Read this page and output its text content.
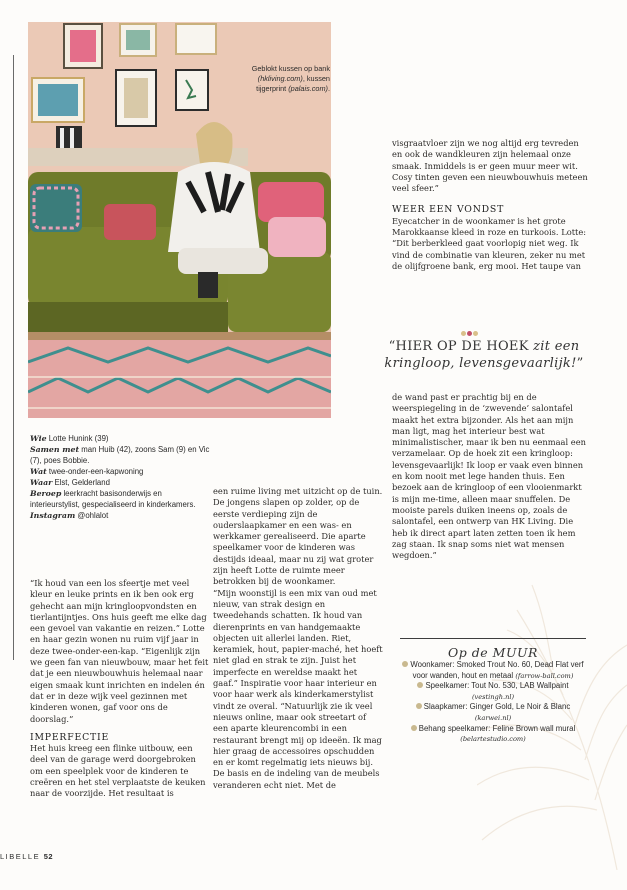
Geblokt kussen op bank (hkliving.com), kussen tijgerprint (palais.com).
Wie Lotte Hunink (39)
Samen met man Huib (42), zoons Sam (9) en Vic (7), poes Bobbie.
Wat twee-onder-een-kapwoning
Waar Elst, Gelderland
Beroep leerkracht basisonderwijs en interieurstylist, gespecialiseerd in kinderkamers.
Instagram @ohlalot

“Ik houd van een los sfeertje met veel kleur en leuke prints en ik ben ook erg gehecht aan mijn kringloopvondsten en tierlantijntjes. Ons huis geeft me elke dag een gevoel van vakantie en reizen.” Lotte en haar gezin wonen nu ruim vijf jaar in deze twee-onder-een-kap. “Eigenlijk zijn we geen fan van nieuwbouw, maar het feit dat je een nieuwbouwhuis helemaal naar eigen smaak kunt inrichten en indelen én dat er in deze wijk veel gezinnen met kinderen wonen, gaf voor ons de doorslag.”

IMPERFECTIE

Het huis kreeg een flinke uitbouw, een deel van de garage werd doorgebroken om een speelplek voor de kinderen te creëren en het stel verplaatste de keuken naar de voorzijde. Het resultaat is

een ruime living met uitzicht op de tuin. De jongens slapen op zolder, op de eerste verdieping zijn de ouderslaapkamer en een was- en werkkamer gerealiseerd. Die aparte speelkamer voor de kinderen was destijds ideaal, maar nu zij wat groter zijn heeft Lotte de ruimte meer betrokken bij de woonkamer.

“Mijn woonstijl is een mix van oud met nieuw, van strak design en tweedehands schatten. Ik houd van dierenprints en van handgemaakte objecten uit allerlei landen. Riet, keramiek, hout, papier-maché, het hoeft niet glad en strak te zijn. Juist het imperfecte en wereldse maakt het gaaf.” Inspiratie voor haar interieur en voor haar werk als kinderkamerstylist vindt ze overal. “Natuurlijk zie ik veel nieuws online, maar ook streetart of een aparte kleurencombi in een restaurant brengt mij op ideeën. Ik mag hier graag de accessoires opschudden en er komt regelmatig iets nieuws bij. De basis en de indeling van de meubels veranderen echt niet. Met de

visgraatvloer zijn we nog altijd erg tevreden en ook de wandkleuren zijn helemaal onze smaak. Inmiddels is er geen muur meer wit. Cosy tinten geven een nieuwbouwhuis meteen veel sfeer.”

WEER EEN VONDST

Eyecatcher in de woonkamer is het grote Marokkaanse kleed in roze en turkoois. Lotte: “Dit berberkleed gaat voorlopig niet weg. Ik vind de combinatie van kleuren, zeker nu met de olijfgroene bank, erg mooi. Het taupe van

“HIER OP DE HOEK zit een kringloop, levensgevaarlijk!”

de wand past er prachtig bij en de weerspiegeling in de ‘zwevende’ salontafel maakt het extra bijzonder. Als het aan mijn man ligt, mag het interieur best wat minimalistischer, maar ik ben nu eenmaal een verzamelaar. Op de hoek zit een kringloop: levensgevaarlijk! Ik loop er vaak even binnen en kom nooit met lege handen thuis. Een bezoek aan de kringloop of een vlooienmarkt is mijn me-time, alleen maar snuffelen. De mooiste parels duiken ineens op, zoals de salontafel, een ontwerp van HK Living. Die heb ik direct apart laten zetten toen ik hem zag staan. Ik snap soms niet wat mensen wegdoen.”

Op de MUUR
Woonkamer: Smoked Trout No. 60, Dead Flat verf voor wanden, hout en metaal (farrow-ball.com)
Speelkamer: Tout No. 530, LAB Wallpaint (vestingh.nl)
Slaapkamer: Ginger Gold, Le Noir & Blanc (karwei.nl)
Behang speelkamer: Feline Brown wall mural
(belartestudio.com)
LIBELLE 52
